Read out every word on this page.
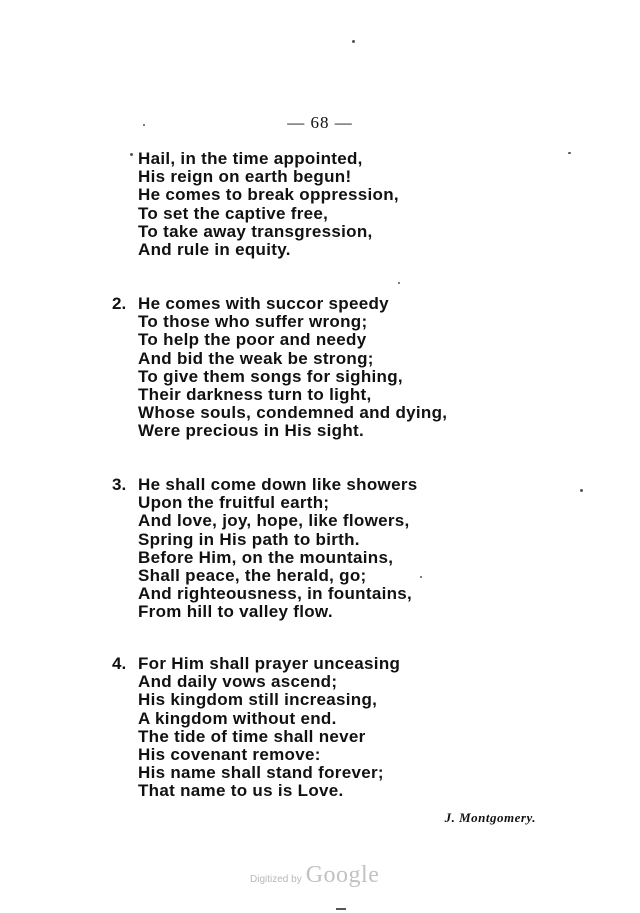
— 68 —
Hail, in the time appointed,
His reign on earth begun!
He comes to break oppression,
To set the captive free,
To take away transgression,
And rule in equity.
2. He comes with succor speedy
To those who suffer wrong;
To help the poor and needy
And bid the weak be strong;
To give them songs for sighing,
Their darkness turn to light,
Whose souls, condemned and dying,
Were precious in His sight.
3. He shall come down like showers
Upon the fruitful earth;
And love, joy, hope, like flowers,
Spring in His path to birth.
Before Him, on the mountains,
Shall peace, the herald, go;
And righteousness, in fountains,
From hill to valley flow.
4. For Him shall prayer unceasing
And daily vows ascend;
His kingdom still increasing,
A kingdom without end.
The tide of time shall never
His covenant remove:
His name shall stand forever;
That name to us is Love.
J. Montgomery.
Digitized by Google
